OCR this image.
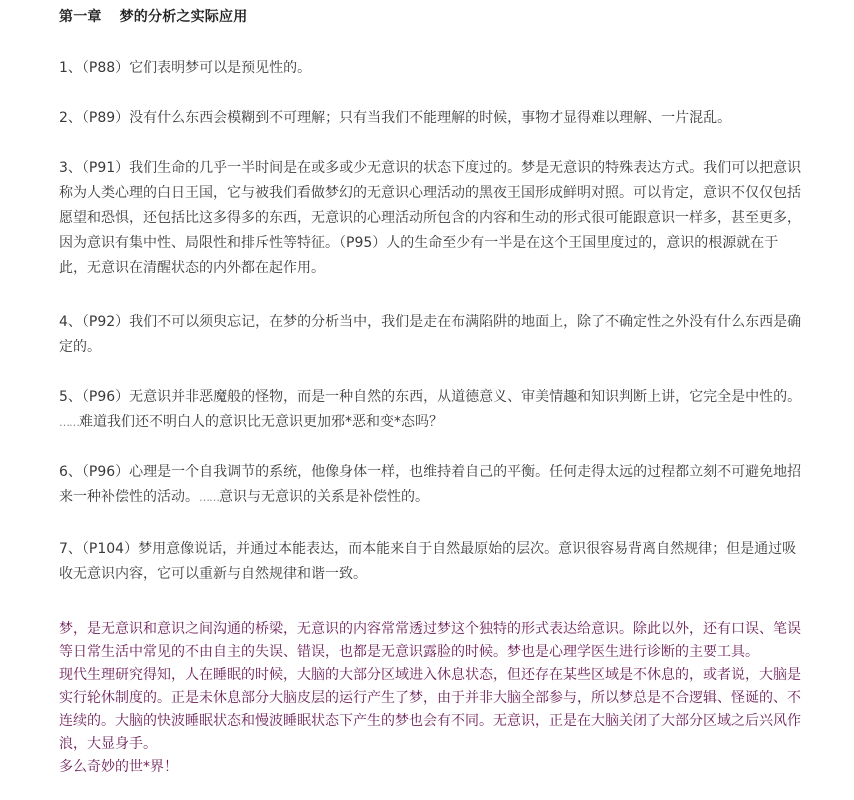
第一章 梦的分析之实际应用
1、（P88）它们表明梦可以是预见性的。
2、（P89）没有什么东西会模糊到不可理解；只有当我们不能理解的时候，事物才显得难以理解、一片混乱。
3、（P91）我们生命的几乎一半时间是在或多或少无意识的状态下度过的。梦是无意识的特殊表达方式。我们可以把意识
称为人类心理的白日王国，它与被我们看做梦幻的无意识心理活动的黑夜王国形成鲜明对照。可以肯定，意识不仅仅包括
愿望和恐惧，还包括比这多得多的东西，无意识的心理活动所包含的内容和生动的形式很可能跟意识一样多，甚至更多，
因为意识有集中性、局限性和排斥性等特征。（P95）人的生命至少有一半是在这个王国里度过的，意识的根源就在于
此，无意识在清醒状态的内外都在起作用。
4、（P92）我们不可以须臾忘记，在梦的分析当中，我们是走在布满陷阱的地面上，除了不确定性之外没有什么东西是确
定的。
5、（P96）无意识并非恶魔般的怪物，而是一种自然的东西，从道德意义、审美情趣和知识判断上讲，它完全是中性的。
……难道我们还不明白人的意识比无意识更加邪*恶和变*态吗？
6、（P96）心理是一个自我调节的系统，他像身体一样，也维持着自己的平衡。任何走得太远的过程都立刻不可避免地招
来一种补偿性的活动。……意识与无意识的关系是补偿性的。
7、（P104）梦用意像说话，并通过本能表达，而本能来自于自然最原始的层次。意识很容易背离自然规律；但是通过吸
收无意识内容，它可以重新与自然规律和谐一致。
梦，是无意识和意识之间沟通的桥梁，无意识的内容常常透过梦这个独特的形式表达给意识。除此以外，还有口误、笔误
等日常生活中常见的不由自主的失误、错误，也都是无意识露脸的时候。梦也是心理学医生进行诊断的主要工具。
现代生理研究得知，人在睡眠的时候，大脑的大部分区域进入休息状态，但还存在某些区域是不休息的，或者说，大脑是
实行轮休制度的。正是未休息部分大脑皮层的运行产生了梦，由于并非大脑全部参与，所以梦总是不合逻辑、怪诞的、不
连续的。大脑的快波睡眠状态和慢波睡眠状态下产生的梦也会有不同。无意识，正是在大脑关闭了大部分区域之后兴风作
浪，大显身手。
多么奇妙的世*界！
